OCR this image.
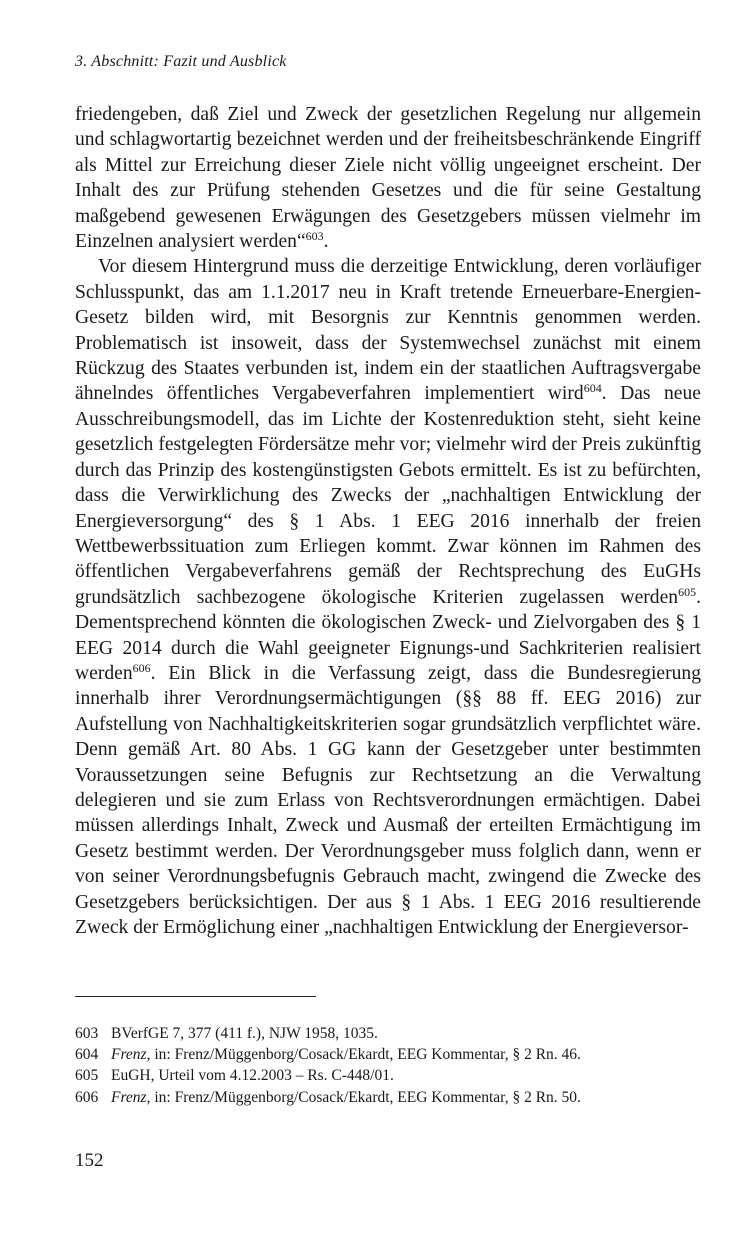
3. Abschnitt: Fazit und Ausblick

friedengeben, daß Ziel und Zweck der gesetzlichen Regelung nur allgemein und schlagwortartig bezeichnet werden und der freiheitsbeschränkende Eingriff als Mittel zur Erreichung dieser Ziele nicht völlig ungeeignet erscheint. Der Inhalt des zur Prüfung stehenden Gesetzes und die für seine Gestaltung maßgebend gewesenen Erwägungen des Gesetzgebers müssen vielmehr im Einzelnen analysiert werden“$^{603}$.

Vor diesem Hintergrund muss die derzeitige Entwicklung, deren vorläufiger Schlusspunkt, das am 1.1.2017 neu in Kraft tretende Erneuerbare-Energien-Gesetz bilden wird, mit Besorgnis zur Kenntnis genommen werden. Problematisch ist insoweit, dass der Systemwechsel zunächst mit einem Rückzug des Staates verbunden ist, indem ein der staatlichen Auftragsvergabe ähnelndes öffentliches Vergabeverfahren implementiert wird$^{604}$. Das neue Ausschreibungsmodell, das im Lichte der Kostenreduktion steht, sieht keine gesetzlich festgelegten Fördersätze mehr vor; vielmehr wird der Preis zukünftig durch das Prinzip des kostengünstigsten Gebots ermittelt. Es ist zu befürchten, dass die Verwirklichung des Zwecks der „nachhaltigen Entwicklung der Energieversorgung“ des § 1 Abs. 1 EEG 2016 innerhalb der freien Wettbewerbssituation zum Erliegen kommt. Zwar können im Rahmen des öffentlichen Vergabeverfahrens gemäß der Rechtsprechung des EuGHs grundsätzlich sachbezogene ökologische Kriterien zugelassen werden$^{605}$. Dementsprechend könnten die ökologischen Zweck- und Zielvorgaben des § 1 EEG 2014 durch die Wahl geeigneter Eignungs-und Sachkriterien realisiert werden$^{606}$. Ein Blick in die Verfassung zeigt, dass die Bundesregierung innerhalb ihrer Verordnungsermächtigungen (§§ 88 ff. EEG 2016) zur Aufstellung von Nachhaltigkeitskriterien sogar grundsätzlich verpflichtet wäre. Denn gemäß Art. 80 Abs. 1 GG kann der Gesetzgeber unter bestimmten Voraussetzungen seine Befugnis zur Rechtsetzung an die Verwaltung delegieren und sie zum Erlass von Rechtsverordnungen ermächtigen. Dabei müssen allerdings Inhalt, Zweck und Ausmaß der erteilten Ermächtigung im Gesetz bestimmt werden. Der Verordnungsgeber muss folglich dann, wenn er von seiner Verordnungsbefugnis Gebrauch macht, zwingend die Zwecke des Gesetzgebers berücksichtigen. Der aus § 1 Abs. 1 EEG 2016 resultierende Zweck der Ermöglichung einer „nachhaltigen Entwicklung der Energieversor-

603 BVerfGE 7, 377 (411 f.), NJW 1958, 1035.
604 Frenz, in: Frenz/Müggenborg/Cosack/Ekardt, EEG Kommentar, § 2 Rn. 46.
605 EuGH, Urteil vom 4.12.2003 – Rs. C-448/01.
606 Frenz, in: Frenz/Müggenborg/Cosack/Ekardt, EEG Kommentar, § 2 Rn. 50.
152
